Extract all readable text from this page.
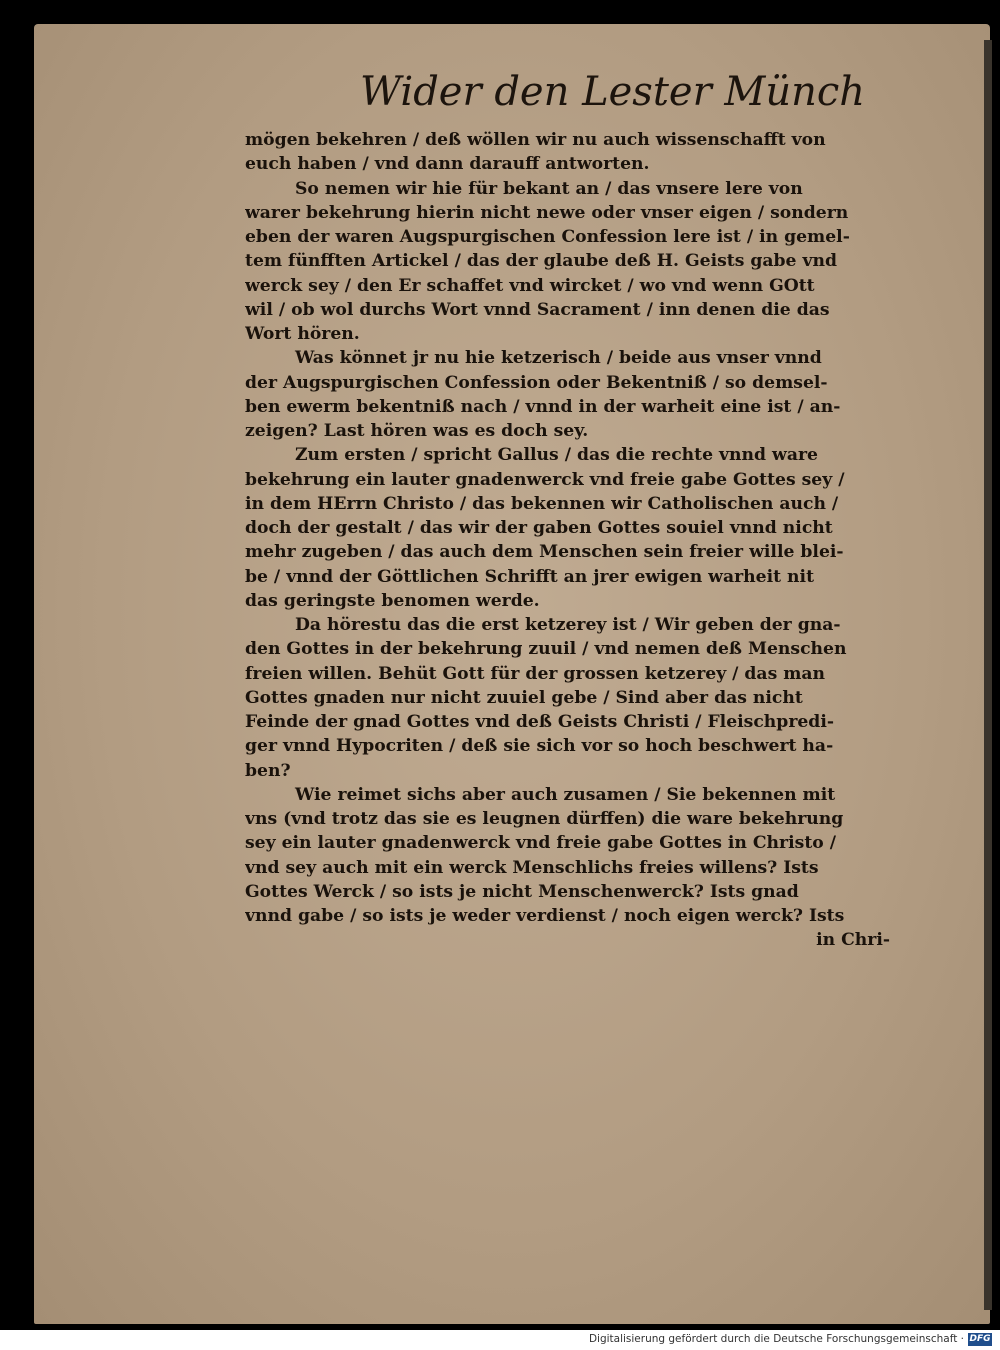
Wider den Lester Münch
mögen bekehren / deß wöllen wir nu auch wissenschafft von
euch haben / vnd dann darauff antworten.
So nemen wir hie für bekant an / das vnsere lere von
warer bekehrung hierin nicht newe oder vnser eigen / sondern
eben der waren Augspurgischen Confession lere ist / in gemel-
tem fünfften Artickel / das der glaube deß H. Geists gabe vnd
werck sey / den Er schaffet vnd wircket / wo vnd wenn GOtt
wil / ob wol durchs Wort vnnd Sacrament / inn denen die das
Wort hören.
Was könnet jr nu hie ketzerisch / beide aus vnser vnnd
der Augspurgischen Confession oder Bekentniß / so demsel-
ben ewerm bekentniß nach / vnnd in der warheit eine ist / an-
zeigen? Last hören was es doch sey.
Zum ersten / spricht Gallus / das die rechte vnnd ware
bekehrung ein lauter gnadenwerck vnd freie gabe Gottes sey /
in dem HErrn Christo / das bekennen wir Catholischen auch /
doch der gestalt / das wir der gaben Gottes souiel vnnd nicht
mehr zugeben / das auch dem Menschen sein freier wille blei-
be / vnnd der Göttlichen Schrifft an jrer ewigen warheit nit
das geringste benomen werde.
Da hörestu das die erst ketzerey ist / Wir geben der gna-
den Gottes in der bekehrung zuuil / vnd nemen deß Menschen
freien willen. Behüt Gott für der grossen ketzerey / das man
Gottes gnaden nur nicht zuuiel gebe / Sind aber das nicht
Feinde der gnad Gottes vnd deß Geists Christi / Fleischpredi-
ger vnnd Hypocriten / deß sie sich vor so hoch beschwert ha-
ben?
Wie reimet sichs aber auch zusamen / Sie bekennen mit
vns (vnd trotz das sie es leugnen dürffen) die ware bekehrung
sey ein lauter gnadenwerck vnd freie gabe Gottes in Christo /
vnd sey auch mit ein werck Menschlichs freies willens? Ists
Gottes Werck / so ists je nicht Menschenwerck? Ists gnad
vnnd gabe / so ists je weder verdienst / noch eigen werck? Ists
in Chri-
Digitalisierung gefördert durch die Deutsche Forschungsgemeinschaft · DFG
